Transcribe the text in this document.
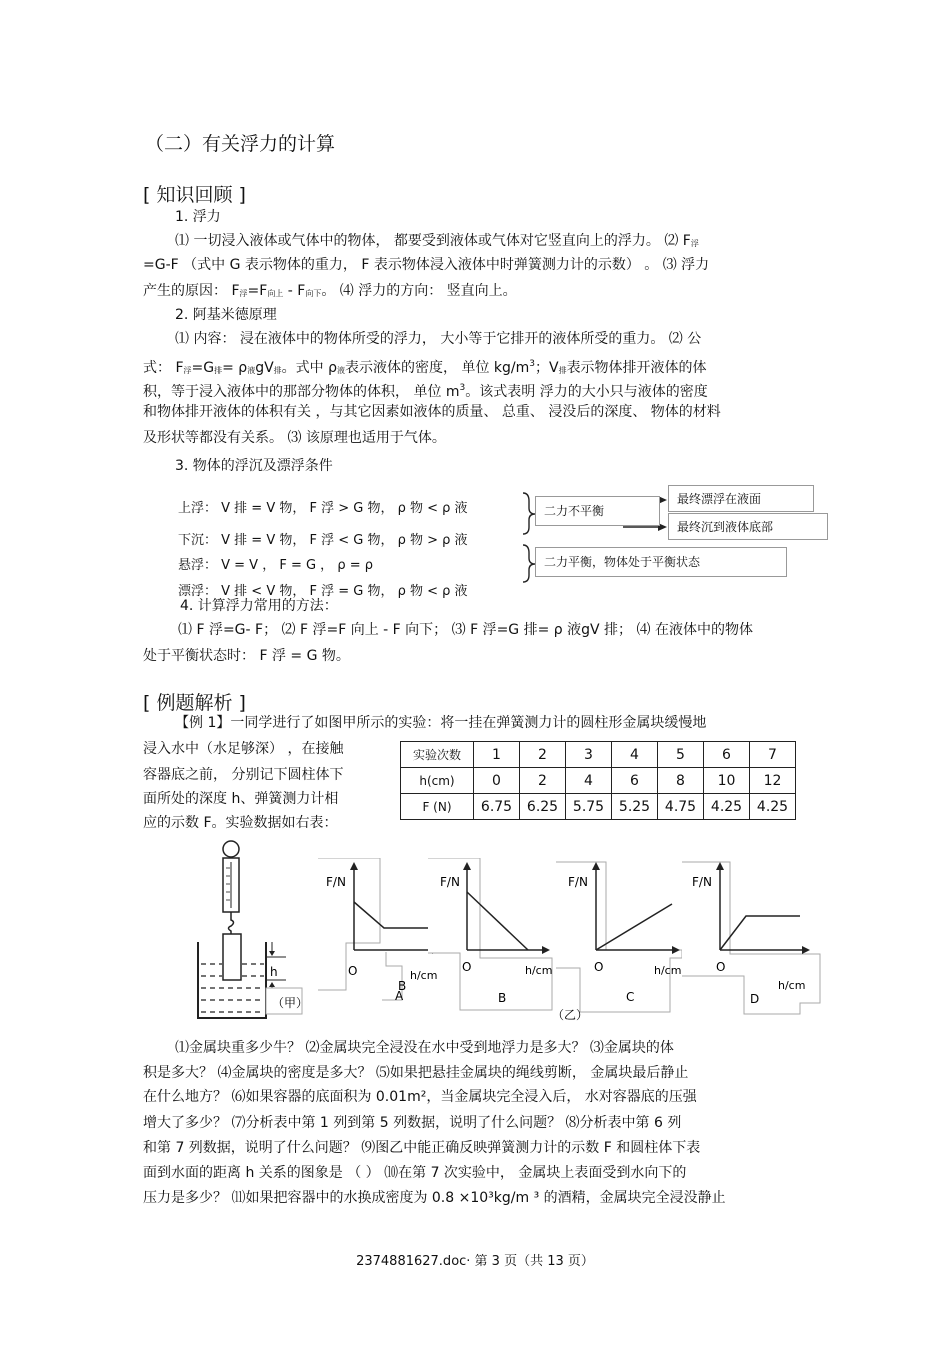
（二）有关浮力的计算
[ 知识回顾 ]
1. 浮力
⑴ 一切浸入液体或气体中的物体， 都要受到液体或气体对它竖直向上的浮力。 ⑵ F浮
=G-F （式中 G 表示物体的重力， F 表示物体浸入液体中时弹簧测力计的示数） 。 ⑶ 浮力
产生的原因： F浮=F向上 - F向下。 ⑷ 浮力的方向： 竖直向上。
2. 阿基米德原理
⑴ 内容： 浸在液体中的物体所受的浮力， 大小等于它排开的液体所受的重力。 ⑵ 公
式： F浮=G排= ρ液gV排。式中 ρ液表示液体的密度， 单位 $kg/m^3$；V排表示物体排开液体的体
积，等于浸入液体中的那部分物体的体积， 单位 $m^3$。该式表明 浮力的大小只与液体的密度
和物体排开液体的体积有关 ，与其它因素如液体的质量、 总重、 浸没后的深度、 物体的材料
及形状等都没有关系。 ⑶ 该原理也适用于气体。
3. 物体的浮沉及漂浮条件
上浮： V 排 = V 物， F 浮 > G 物， ρ 物 < ρ 液
下沉： V 排 = V 物， F 浮 < G 物， ρ 物 > ρ 液
悬浮： V = V ， F = G ， ρ = ρ
漂浮： V 排 < V 物， F 浮 = G 物， ρ 物 < ρ 液
二力不平衡
最终漂浮在液面
最终沉到液体底部
二力平衡，物体处于平衡状态
4. 计算浮力常用的方法：
⑴ F 浮=G- F； ⑵ F 浮=F 向上 - F 向下； ⑶ F 浮=G 排= ρ 液gV 排； ⑷ 在液体中的物体
处于平衡状态时： F 浮 = G 物。
[ 例题解析 ]
【例 1】一同学进行了如图甲所示的实验：将一挂在弹簧测力计的圆柱形金属块缓慢地
浸入水中（水足够深） ，在接触
容器底之前， 分别记下圆柱体下
面所处的深度 h、弹簧测力计相
应的示数 F。实验数据如右表：
实验次数	1	2	3	4	5	6	7
h(cm)	0	2	4	6	8	10	12
F (N)	6.75	6.25	5.75	5.25	4.75	4.25	4.25
h
（甲）
F/N
O	h/cm
B
A
F/N
O	h/cm
B
F/N
O	h/cm
C
F/N
O
h/cm
D
（乙）
⑴金属块重多少牛？ ⑵金属块完全浸没在水中受到地浮力是多大？ ⑶金属块的体
积是多大？ ⑷金属块的密度是多大？ ⑸如果把悬挂金属块的绳线剪断， 金属块最后静止
在什么地方？ ⑹如果容器的底面积为 0.01m²，当金属块完全浸入后， 水对容器底的压强
增大了多少？ ⑺分析表中第 1 列到第 5 列数据，说明了什么问题？ ⑻分析表中第 6 列
和第 7 列数据，说明了什么问题？ ⑼图乙中能正确反映弹簧测力计的示数 F 和圆柱体下表
面到水面的距离 h 关系的图象是 （ ） ⑽在第 7 次实验中， 金属块上表面受到水向下的
压力是多少？ ⑾如果把容器中的水换成密度为 0.8 ×10³kg/m ³ 的酒精，金属块完全浸没静止
2374881627.doc· 第 3 页（共 13 页）
